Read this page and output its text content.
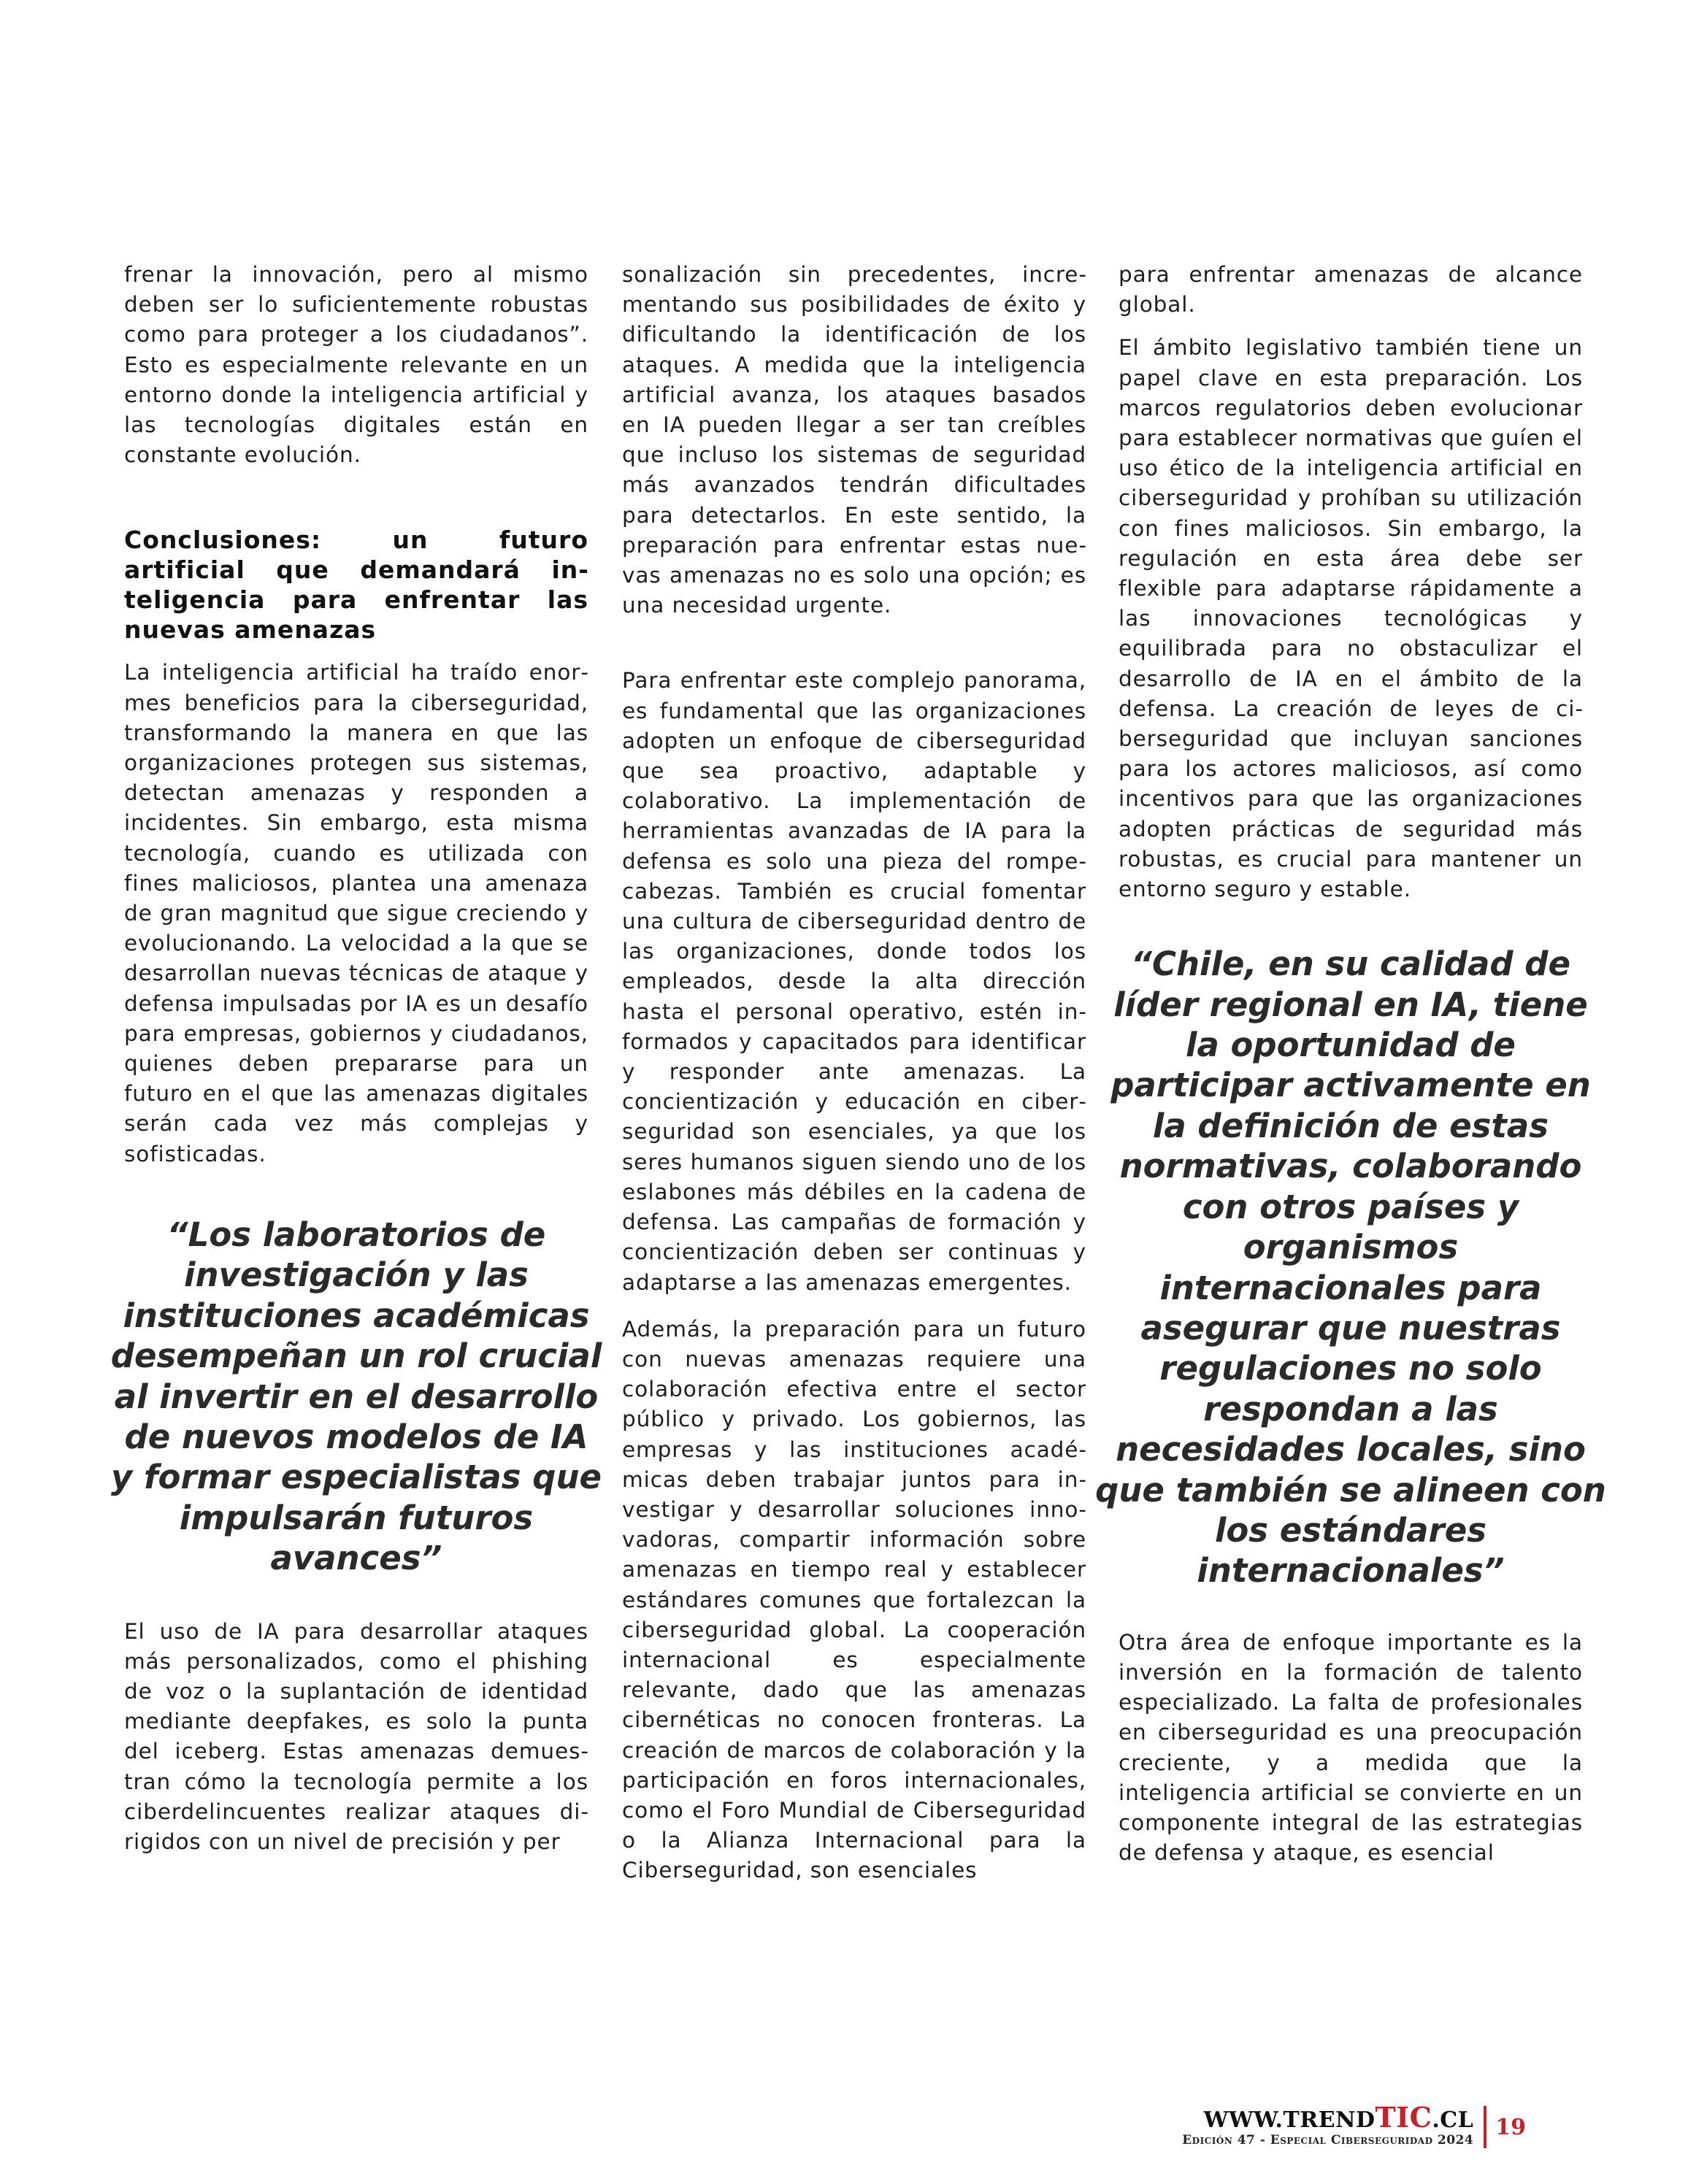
frenar la innovación, pero al mismo deben ser lo suficientemente robustas como para proteger a los ciudadanos”. Esto es especialmente relevante en un entorno donde la inteligencia artificial y las tecnologías digitales están en constante evolución.

Conclusiones: un futuro artificial que demandará inteligencia para enfrentar las nuevas amenazas

La inteligencia artificial ha traído enormes beneficios para la ciberseguridad, transformando la manera en que las organizaciones protegen sus sistemas, detectan amenazas y responden a incidentes. Sin embargo, esta misma tecnología, cuando es utilizada con fines maliciosos, plantea una amenaza de gran magnitud que sigue creciendo y evolucionando. La velocidad a la que se desarrollan nuevas técnicas de ataque y defensa impulsadas por IA es un desafío para empresas, gobiernos y ciudadanos, quienes deben prepararse para un futuro en el que las amenazas digitales serán cada vez más complejas y sofisticadas.

“Los laboratorios de investigación y las instituciones académicas desempeñan un rol crucial al invertir en el desarrollo de nuevos modelos de IA y formar especialistas que impulsarán futuros avances”

El uso de IA para desarrollar ataques más personalizados, como el phishing de voz o la suplantación de identidad mediante deepfakes, es solo la punta del iceberg. Estas amenazas demuestran cómo la tecnología permite a los ciberdelincuentes realizar ataques dirigidos con un nivel de precisión y per

sonalización sin precedentes, incrementando sus posibilidades de éxito y dificultando la identificación de los ataques. A medida que la inteligencia artificial avanza, los ataques basados en IA pueden llegar a ser tan creíbles que incluso los sistemas de seguridad más avanzados tendrán dificultades para detectarlos. En este sentido, la preparación para enfrentar estas nuevas amenazas no es solo una opción; es una necesidad urgente.

Para enfrentar este complejo panorama, es fundamental que las organizaciones adopten un enfoque de ciberseguridad que sea proactivo, adaptable y colaborativo. La implementación de herramientas avanzadas de IA para la defensa es solo una pieza del rompecabezas. También es crucial fomentar una cultura de ciberseguridad dentro de las organizaciones, donde todos los empleados, desde la alta dirección hasta el personal operativo, estén informados y capacitados para identificar y responder ante amenazas. La concientización y educación en ciberseguridad son esenciales, ya que los seres humanos siguen siendo uno de los eslabones más débiles en la cadena de defensa. Las campañas de formación y concientización deben ser continuas y adaptarse a las amenazas emergentes.

Además, la preparación para un futuro con nuevas amenazas requiere una colaboración efectiva entre el sector público y privado. Los gobiernos, las empresas y las instituciones académicas deben trabajar juntos para investigar y desarrollar soluciones innovadoras, compartir información sobre amenazas en tiempo real y establecer estándares comunes que fortalezcan la ciberseguridad global. La cooperación internacional es especialmente relevante, dado que las amenazas cibernéticas no conocen fronteras. La creación de marcos de colaboración y la participación en foros internacionales, como el Foro Mundial de Ciberseguridad o la Alianza Internacional para la Ciberseguridad, son esenciales

para enfrentar amenazas de alcance global.

El ámbito legislativo también tiene un papel clave en esta preparación. Los marcos regulatorios deben evolucionar para establecer normativas que guíen el uso ético de la inteligencia artificial en ciberseguridad y prohíban su utilización con fines maliciosos. Sin embargo, la regulación en esta área debe ser flexible para adaptarse rápidamente a las innovaciones tecnológicas y equilibrada para no obstaculizar el desarrollo de IA en el ámbito de la defensa. La creación de leyes de ciberseguridad que incluyan sanciones para los actores maliciosos, así como incentivos para que las organizaciones adopten prácticas de seguridad más robustas, es crucial para mantener un entorno seguro y estable.

“Chile, en su calidad de líder regional en IA, tiene la oportunidad de participar activamente en la definición de estas normativas, colaborando con otros países y organismos internacionales para asegurar que nuestras regulaciones no solo respondan a las necesidades locales, sino que también se alineen con los estándares internacionales”

Otra área de enfoque importante es la inversión en la formación de talento especializado. La falta de profesionales en ciberseguridad es una preocupación creciente, y a medida que la inteligencia artificial se convierte en un componente integral de las estrategias de defensa y ataque, es esencial

WWW.TRENDTIC.CL
Edición 47 - Especial Ciberseguridad 2024
19
